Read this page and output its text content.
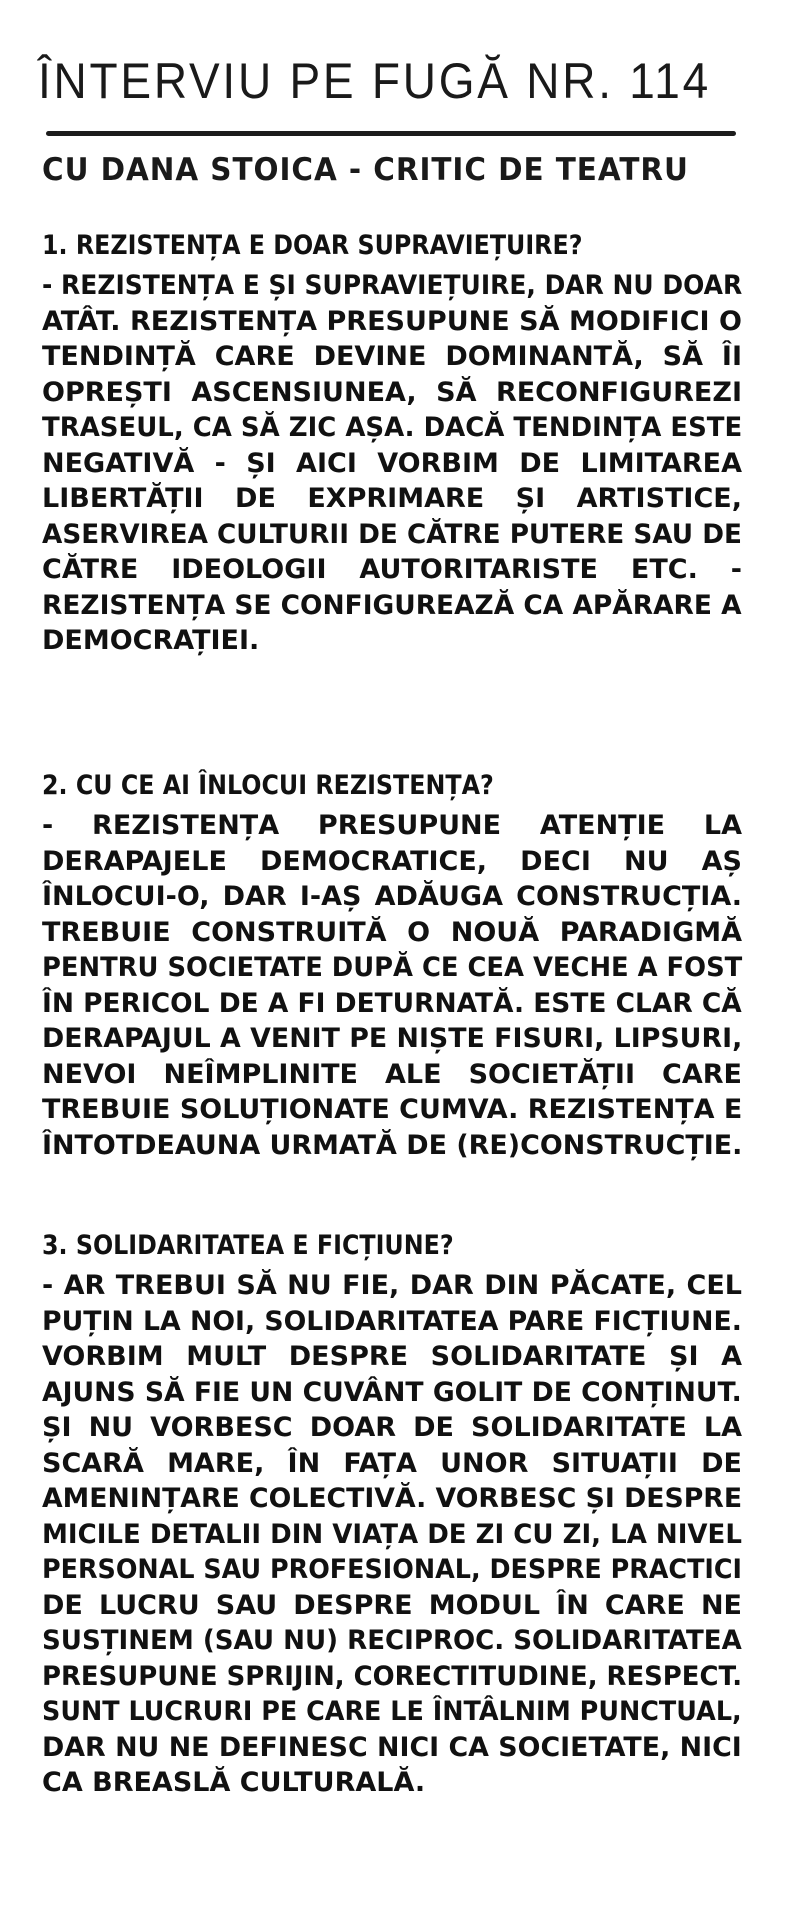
ÎNTERVIU PE FUGĂ NR. 114
CU DANA STOICA - CRITIC DE TEATRU
1. REZISTENȚA E DOAR SUPRAVIEȚUIRE?
- REZISTENȚA E ȘI SUPRAVIEȚUIRE, DAR NU DOAR
ATÂT. REZISTENȚA PRESUPUNE SĂ MODIFICI O
TENDINȚĂ CARE DEVINE DOMINANTĂ, SĂ ÎI
OPREȘTI ASCENSIUNEA, SĂ RECONFIGUREZI
TRASEUL, CA SĂ ZIC AȘA. DACĂ TENDINȚA ESTE
NEGATIVĂ - ȘI AICI VORBIM DE LIMITAREA
LIBERTĂȚII DE EXPRIMARE ȘI ARTISTICE,
ASERVIREA CULTURII DE CĂTRE PUTERE SAU DE
CĂTRE IDEOLOGII AUTORITARISTE ETC. -
REZISTENȚA SE CONFIGUREAZĂ CA APĂRARE A
DEMOCRAȚIEI.
2. CU CE AI ÎNLOCUI REZISTENȚA?
- REZISTENȚA PRESUPUNE ATENȚIE LA
DERAPAJELE DEMOCRATICE, DECI NU AȘ
ÎNLOCUI-O, DAR I-AȘ ADĂUGA CONSTRUCȚIA.
TREBUIE CONSTRUITĂ O NOUĂ PARADIGMĂ
PENTRU SOCIETATE DUPĂ CE CEA VECHE A FOST
ÎN PERICOL DE A FI DETURNATĂ. ESTE CLAR CĂ
DERAPAJUL A VENIT PE NIȘTE FISURI, LIPSURI,
NEVOI NEÎMPLINITE ALE SOCIETĂȚII CARE
TREBUIE SOLUȚIONATE CUMVA. REZISTENȚA E
ÎNTOTDEAUNA URMATĂ DE (RE)CONSTRUCȚIE.
3. SOLIDARITATEA E FICȚIUNE?
- AR TREBUI SĂ NU FIE, DAR DIN PĂCATE, CEL
PUȚIN LA NOI, SOLIDARITATEA PARE FICȚIUNE.
VORBIM MULT DESPRE SOLIDARITATE ȘI A
AJUNS SĂ FIE UN CUVÂNT GOLIT DE CONȚINUT.
ȘI NU VORBESC DOAR DE SOLIDARITATE LA
SCARĂ MARE, ÎN FAȚA UNOR SITUAȚII DE
AMENINȚARE COLECTIVĂ. VORBESC ȘI DESPRE
MICILE DETALII DIN VIAȚA DE ZI CU ZI, LA NIVEL
PERSONAL SAU PROFESIONAL, DESPRE PRACTICI
DE LUCRU SAU DESPRE MODUL ÎN CARE NE
SUSȚINEM (SAU NU) RECIPROC. SOLIDARITATEA
PRESUPUNE SPRIJIN, CORECTITUDINE, RESPECT.
SUNT LUCRURI PE CARE LE ÎNTÂLNIM PUNCTUAL,
DAR NU NE DEFINESC NICI CA SOCIETATE, NICI
CA BREASLĂ CULTURALĂ.
